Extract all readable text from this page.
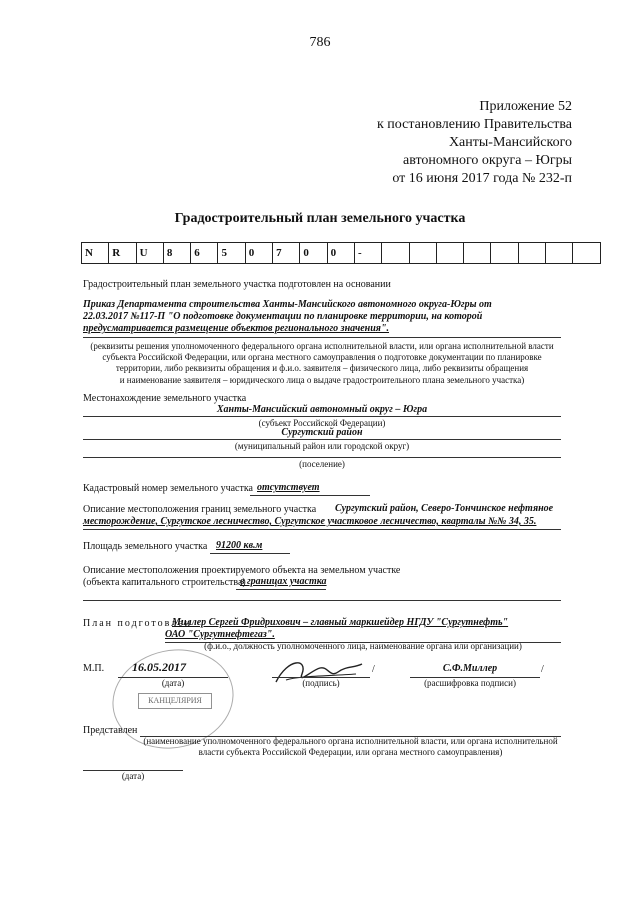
786
Приложение 52
к постановлению Правительства
Ханты-Мансийского
автономного округа – Югры
от 16 июня 2017 года № 232-п
Градостроительный план земельного участка
N	R	U	8	6	5	0	7	0	0	-								
Градостроительный план земельного участка подготовлен на основании
Приказ Департамента строительства Ханты-Мансийского автономного округа-Югры от
22.03.2017 №117-П "О подготовке документации по планировке территории, на которой
предусматривается размещение объектов регионального значения".
(реквизиты решения уполномоченного федерального органа исполнительной власти, или органа исполнительной власти
субъекта Российской Федерации, или органа местного самоуправления о подготовке документации по планировке
территории, либо реквизиты обращения и ф.и.о. заявителя – физического лица, либо реквизиты обращения
и наименование заявителя – юридического лица о выдаче градостроительного плана земельного участка)
Местонахождение земельного участка
Ханты-Мансийский автономный округ – Югра
(субъект Российской Федерации)
Сургутский район
(муниципальный район или городской округ)
(поселение)
Кадастровый номер земельного участка отсутствует
Описание местоположения границ земельного участка Сургутский район, Северо-Тончинское нефтяное
месторождение, Сургутское лесничество, Сургутское участковое лесничество, кварталы №№ 34, 35.
Площадь земельного участка 91200 кв.м
Описание местоположения проектируемого объекта на земельном участке
(объекта капитального строительства)
в границах участка
План подготовлен
Миллер Сергей Фридрихович – главный маркшейдер НГДУ "Сургутнефть"
ОАО "Сургутнефтегаз".
(ф.и.о., должность уполномоченного лица, наименование органа или организации)
КАНЦЕЛЯРИЯ
М.П. 16.05.2017
(дата)	(подпись)
/	С.Ф.Миллер	/
(расшифровка подписи)
Представлен
(наименование уполномоченного федерального органа исполнительной власти, или органа исполнительной
власти субъекта Российской Федерации, или органа местного самоуправления)
(дата)
